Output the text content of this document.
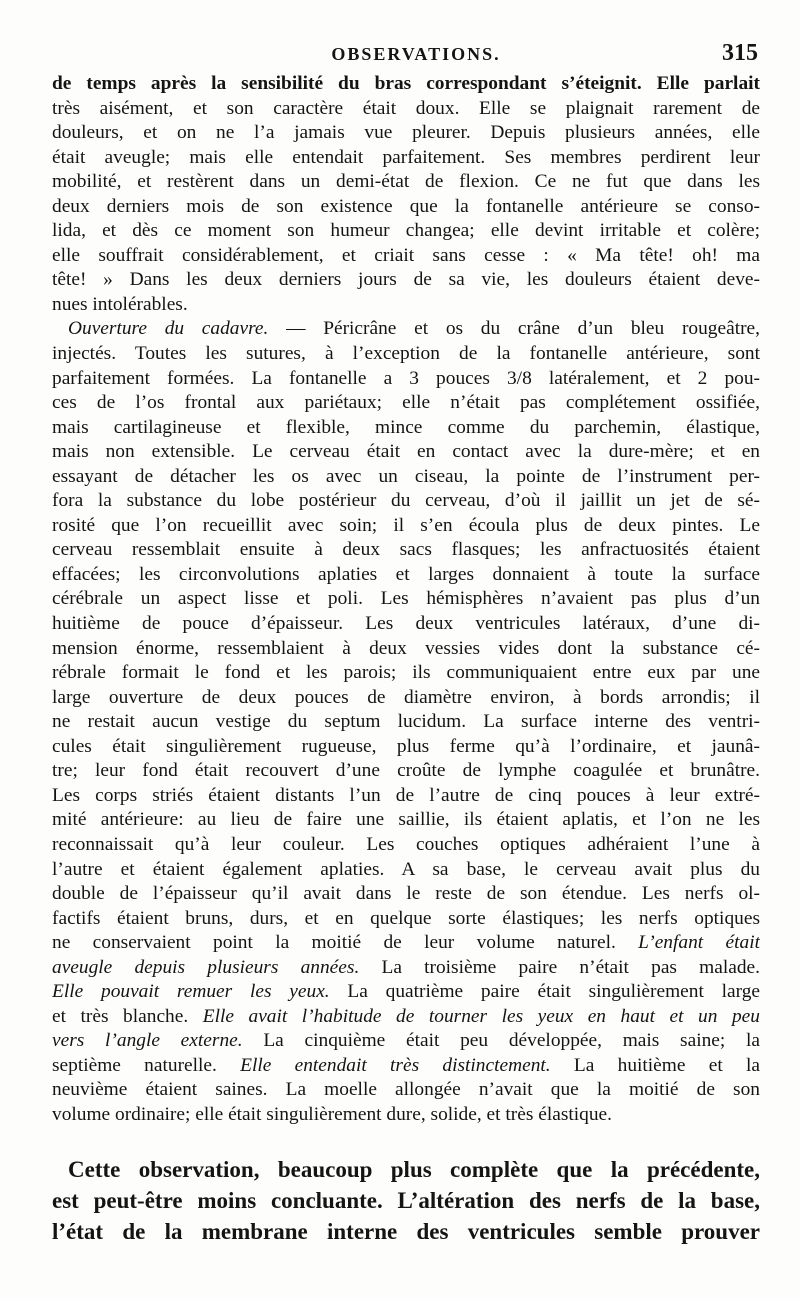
OBSERVATIONS.	315
de temps après la sensibilité du bras correspondant s’éteignit. Elle parlait
très aisément, et son caractère était doux. Elle se plaignait rarement de
douleurs, et on ne l’a jamais vue pleurer. Depuis plusieurs années, elle
était aveugle; mais elle entendait parfaitement. Ses membres perdirent leur
mobilité, et restèrent dans un demi-état de flexion. Ce ne fut que dans les
deux derniers mois de son existence que la fontanelle antérieure se conso-
lida, et dès ce moment son humeur changea; elle devint irritable et colère;
elle souffrait considérablement, et criait sans cesse : « Ma tête! oh! ma
tête! » Dans les deux derniers jours de sa vie, les douleurs étaient deve-
nues intolérables.
Ouverture du cadavre. — Péricrâne et os du crâne d’un bleu rougeâtre,
injectés. Toutes les sutures, à l’exception de la fontanelle antérieure, sont
parfaitement formées. La fontanelle a 3 pouces 3/8 latéralement, et 2 pou-
ces de l’os frontal aux pariétaux; elle n’était pas complétement ossifiée,
mais cartilagineuse et flexible, mince comme du parchemin, élastique,
mais non extensible. Le cerveau était en contact avec la dure-mère; et en
essayant de détacher les os avec un ciseau, la pointe de l’instrument per-
fora la substance du lobe postérieur du cerveau, d’où il jaillit un jet de sé-
rosité que l’on recueillit avec soin; il s’en écoula plus de deux pintes. Le
cerveau ressemblait ensuite à deux sacs flasques; les anfractuosités étaient
effacées; les circonvolutions aplaties et larges donnaient à toute la surface
cérébrale un aspect lisse et poli. Les hémisphères n’avaient pas plus d’un
huitième de pouce d’épaisseur. Les deux ventricules latéraux, d’une di-
mension énorme, ressemblaient à deux vessies vides dont la substance cé-
rébrale formait le fond et les parois; ils communiquaient entre eux par une
large ouverture de deux pouces de diamètre environ, à bords arrondis; il
ne restait aucun vestige du septum lucidum. La surface interne des ventri-
cules était singulièrement rugueuse, plus ferme qu’à l’ordinaire, et jaunâ-
tre; leur fond était recouvert d’une croûte de lymphe coagulée et brunâtre.
Les corps striés étaient distants l’un de l’autre de cinq pouces à leur extré-
mité antérieure: au lieu de faire une saillie, ils étaient aplatis, et l’on ne les
reconnaissait qu’à leur couleur. Les couches optiques adhéraient l’une à
l’autre et étaient également aplaties. A sa base, le cerveau avait plus du
double de l’épaisseur qu’il avait dans le reste de son étendue. Les nerfs ol-
factifs étaient bruns, durs, et en quelque sorte élastiques; les nerfs optiques
ne conservaient point la moitié de leur volume naturel. L’enfant était
aveugle depuis plusieurs années. La troisième paire n’était pas malade.
Elle pouvait remuer les yeux. La quatrième paire était singulièrement large
et très blanche. Elle avait l’habitude de tourner les yeux en haut et un peu
vers l’angle externe. La cinquième était peu développée, mais saine; la
septième naturelle. Elle entendait très distinctement. La huitième et la
neuvième étaient saines. La moelle allongée n’avait que la moitié de son
volume ordinaire; elle était singulièrement dure, solide, et très élastique.
Cette observation, beaucoup plus complète que la précédente,
est peut-être moins concluante. L’altération des nerfs de la base,
l’état de la membrane interne des ventricules semble prouver
